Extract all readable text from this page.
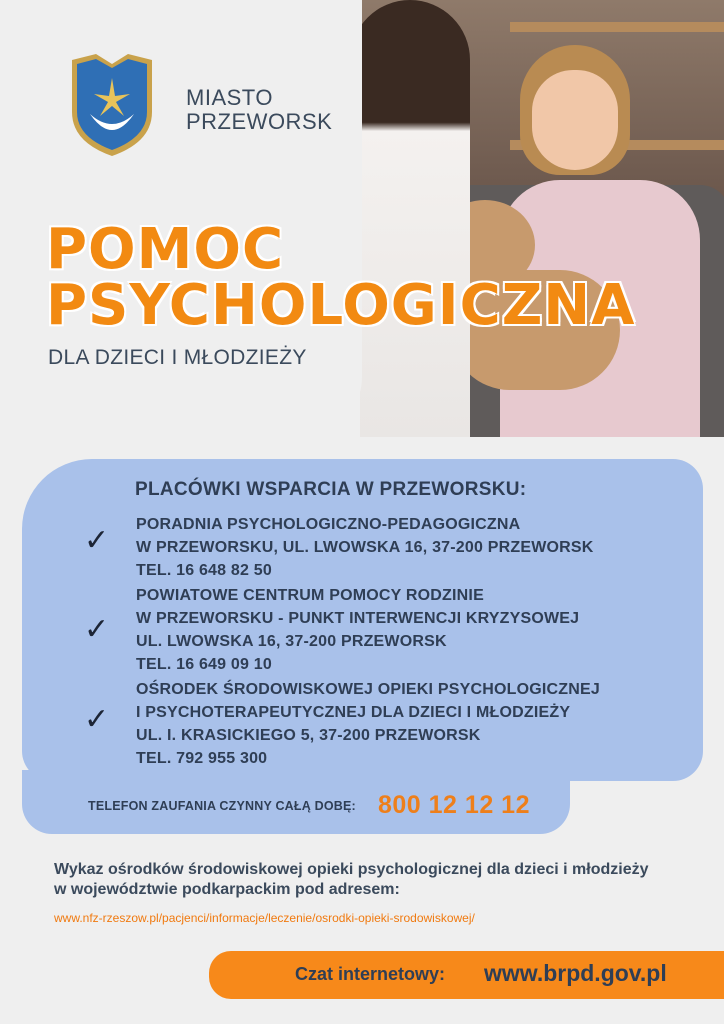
MIASTO
PRZEWORSK
POMOC
PSYCHOLOGICZNA
DLA DZIECI I MŁODZIEŻY
PLACÓWKI WSPARCIA W PRZEWORSKU:
✓ PORADNIA PSYCHOLOGICZNO-PEDAGOGICZNA
W PRZEWORSKU, UL. LWOWSKA 16, 37-200 PRZEWORSK
TEL. 16 648 82 50
✓
POWIATOWE CENTRUM POMOCY RODZINIE
W PRZEWORSKU - PUNKT INTERWENCJI KRYZYSOWEJ
UL. LWOWSKA 16, 37-200 PRZEWORSK
TEL. 16 649 09 10
✓
OŚRODEK ŚRODOWISKOWEJ OPIEKI PSYCHOLOGICZNEJ
I PSYCHOTERAPEUTYCZNEJ DLA DZIECI I MŁODZIEŻY
UL. I. KRASICKIEGO 5, 37-200 PRZEWORSK
TEL. 792 955 300
TELEFON ZAUFANIA CZYNNY CAŁĄ DOBĘ: 800 12 12 12
Wykaz ośrodków środowiskowej opieki psychologicznej dla dzieci i młodzieży
w województwie podkarpackim pod adresem:
www.nfz-rzeszow.pl/pacjenci/informacje/leczenie/osrodki-opieki-srodowiskowej/
Czat internetowy: www.brpd.gov.pl
